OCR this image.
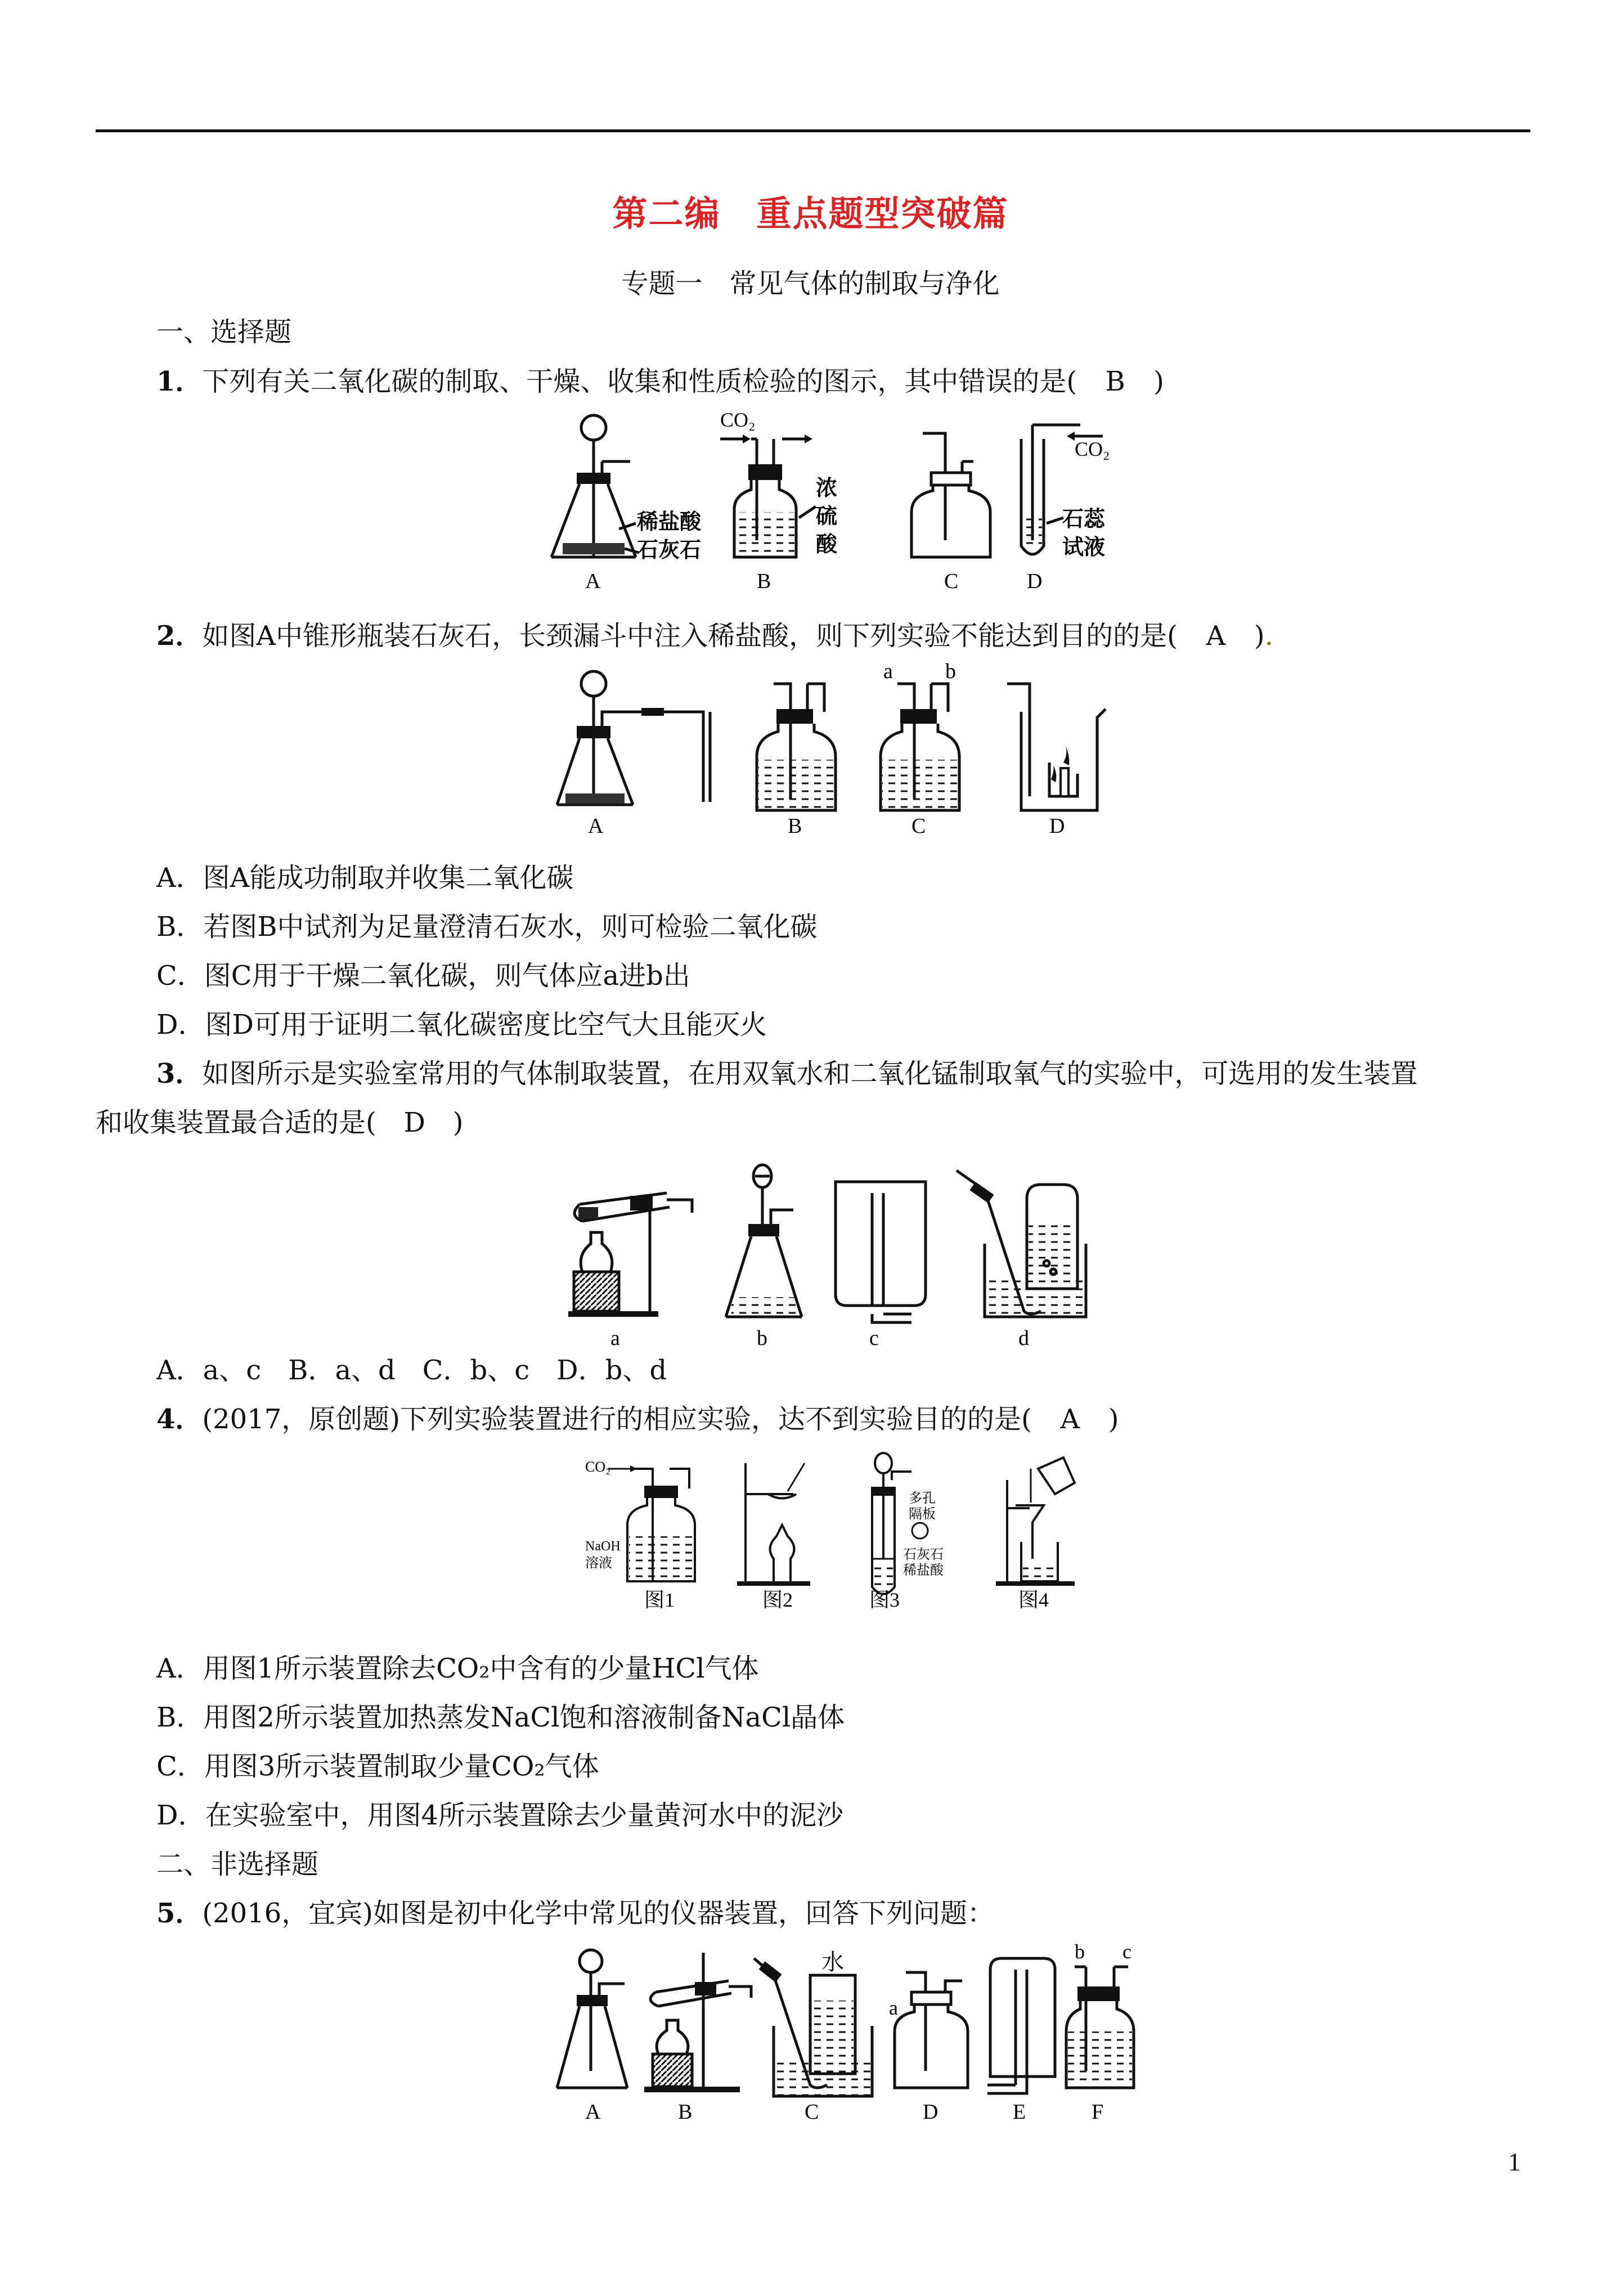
第二编　重点题型突破篇
专题一　常见气体的制取与净化
一、选择题
1．下列有关二氧化碳的制取、干燥、收集和性质检验的图示，其中错误的是(　 B　 )
稀盐酸
石灰石
A
CO₂
浓
硫
酸
B	C
CO₂
石蕊
试液
D
2．如图A中锥形瓶装石灰石，长颈漏斗中注入稀盐酸，则下列实验不能达到目的的是(　 A　 ).
A	B
a b
C	D
A．图A能成功制取并收集二氧化碳
B．若图B中试剂为足量澄清石灰水，则可检验二氧化碳
C．图C用于干燥二氧化碳，则气体应a进b出
D．图D可用于证明二氧化碳密度比空气大且能灭火
3．如图所示是实验室常用的气体制取装置，在用双氧水和二氧化锰制取氧气的实验中，可选用的发生装置
和收集装置最合适的是(　 D　 )
a	b	c	d
A．a、c　B．a、d　C．b、c　D．b、d
4．(2017，原创题)下列实验装置进行的相应实验，达不到实验目的的是(　 A　 )
CO₂
NaOH
溶液
图1	图2
多孔
隔板
石灰石
稀盐酸
图3	图4
A．用图1所示装置除去CO₂中含有的少量HCl气体
B．用图2所示装置加热蒸发NaCl饱和溶液制备NaCl晶体
C．用图3所示装置制取少量CO₂气体
D．在实验室中，用图4所示装置除去少量黄河水中的泥沙
二、非选择题
5．(2016，宜宾)如图是初中化学中常见的仪器装置，回答下列问题：
A	B
水
C
a
D	E
b c
F
1
